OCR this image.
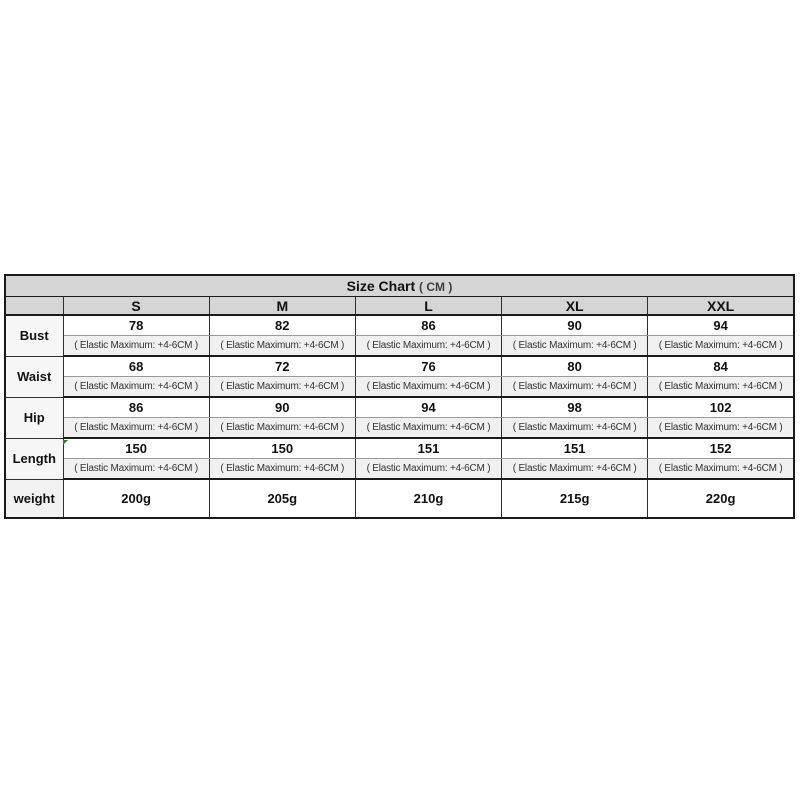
Size Chart ( CM )					
	S	M	L	XL	XXL
Bust	78	82	86	90	94
	( Elastic Maximum: +4-6CM )	( Elastic Maximum: +4-6CM )	( Elastic Maximum: +4-6CM )	( Elastic Maximum: +4-6CM )	( Elastic Maximum: +4-6CM )
Waist	68	72	76	80	84
	( Elastic Maximum: +4-6CM )	( Elastic Maximum: +4-6CM )	( Elastic Maximum: +4-6CM )	( Elastic Maximum: +4-6CM )	( Elastic Maximum: +4-6CM )
Hip	86	90	94	98	102
	( Elastic Maximum: +4-6CM )	( Elastic Maximum: +4-6CM )	( Elastic Maximum: +4-6CM )	( Elastic Maximum: +4-6CM )	( Elastic Maximum: +4-6CM )
Length	150	150	151	151	152
	( Elastic Maximum: +4-6CM )	( Elastic Maximum: +4-6CM )	( Elastic Maximum: +4-6CM )	( Elastic Maximum: +4-6CM )	( Elastic Maximum: +4-6CM )
weight	200g	205g	210g	215g	220g
